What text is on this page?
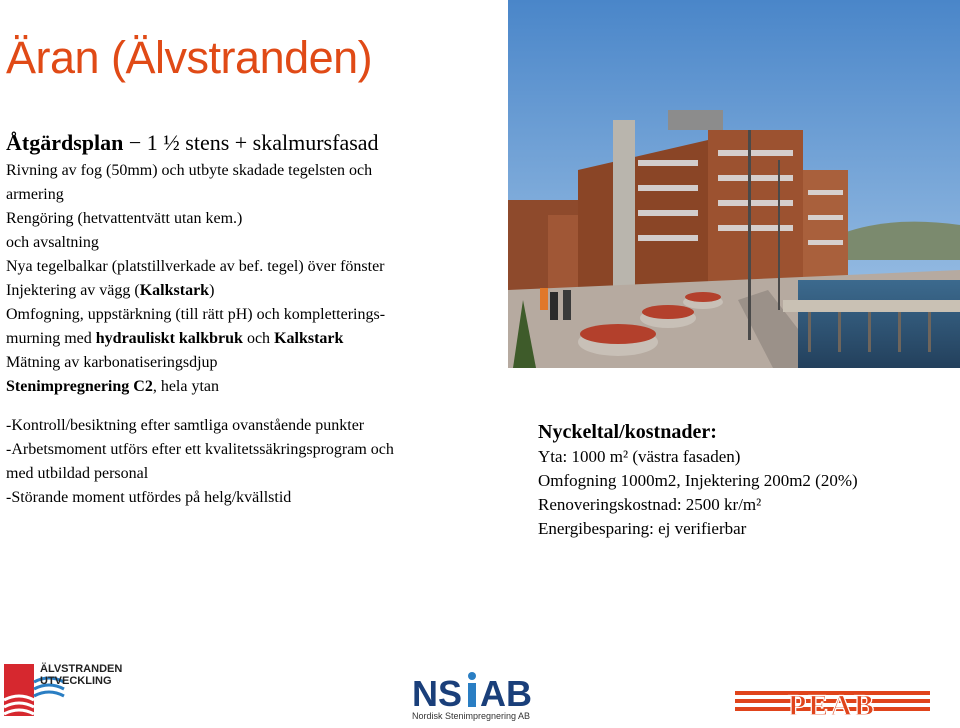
Äran (Älvstranden)
Åtgärdsplan − 1 ½ stens + skalmursfasad
Rivning av fog (50mm) och utbyte skadade tegelsten och
armering
Rengöring (hetvattentvätt utan kem.)
och avsaltning
Nya tegelbalkar (platstillverkade av bef. tegel) över fönster
Injektering av vägg (Kalkstark)
Omfogning, uppstärkning (till rätt pH) och kompletterings-
murning med hydrauliskt kalkbruk och Kalkstark
Mätning av karbonatiseringsdjup
Stenimpregnering C2, hela ytan
-Kontroll/besiktning efter samtliga ovanstående punkter
-Arbetsmoment utförs efter ett kvalitetssäkringsprogram och
med utbildad personal
-Störande moment utfördes på helg/kvällstid
Nyckeltal/kostnader:
Yta: 1000 m² (västra fasaden)
Omfogning 1000m2, Injektering 200m2 (20%)
Renoveringskostnad: 2500 kr/m²
Energibesparing: ej verifierbar
ÄLVSTRANDEN
UTVECKLING	NS AB
Nordisk Stenimpregnering AB	PEAB
